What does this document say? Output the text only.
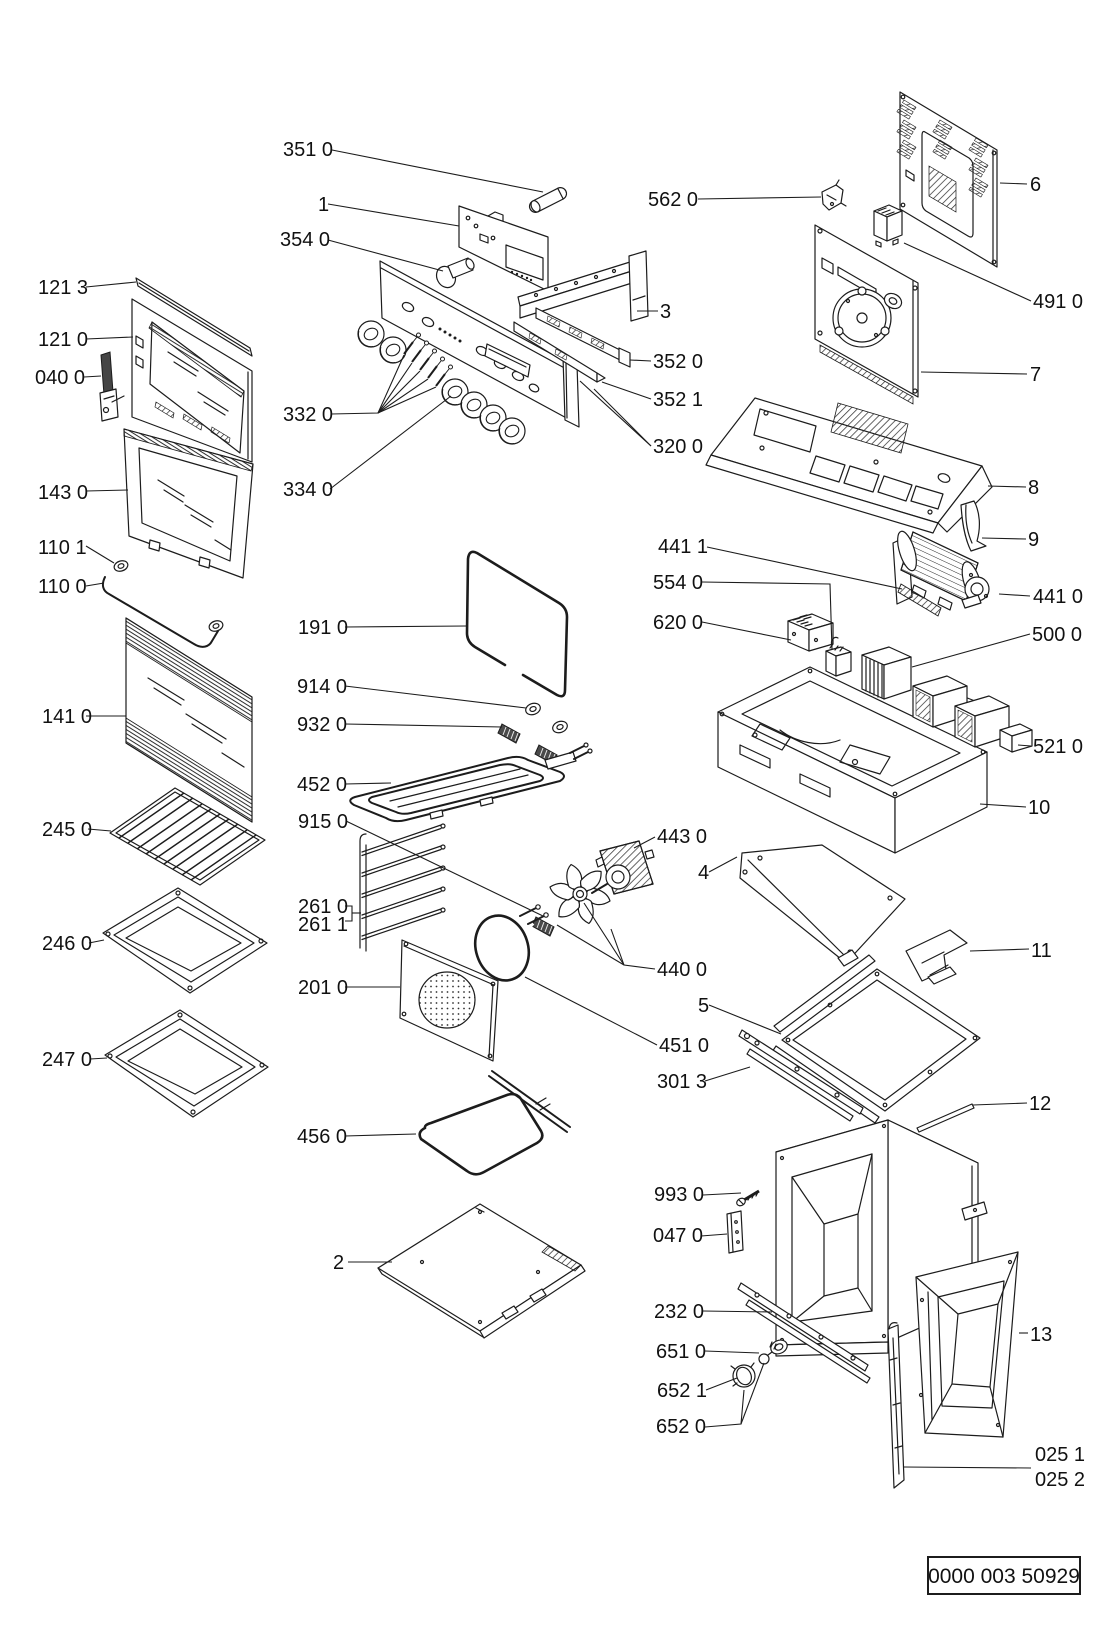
121 3
121 0
040 0
143 0
110 1
110 0
141 0
245 0
246 0
247 0
351 0
1
354 0
332 0
334 0
191 0
914 0
932 0
452 0
915 0
261 0
261 1
201 0
456 0
2
562 0
3
352 0
352 1
320 0
441 1
554 0
620 0
443 0
4
440 0
5
451 0
301 3
993 0
047 0
232 0
651 0
652 1
652 0
6
491 0
7
8
9
441 0
500 0
521 0
10
11
12
13
025 1
025 2
0000 003 50929
